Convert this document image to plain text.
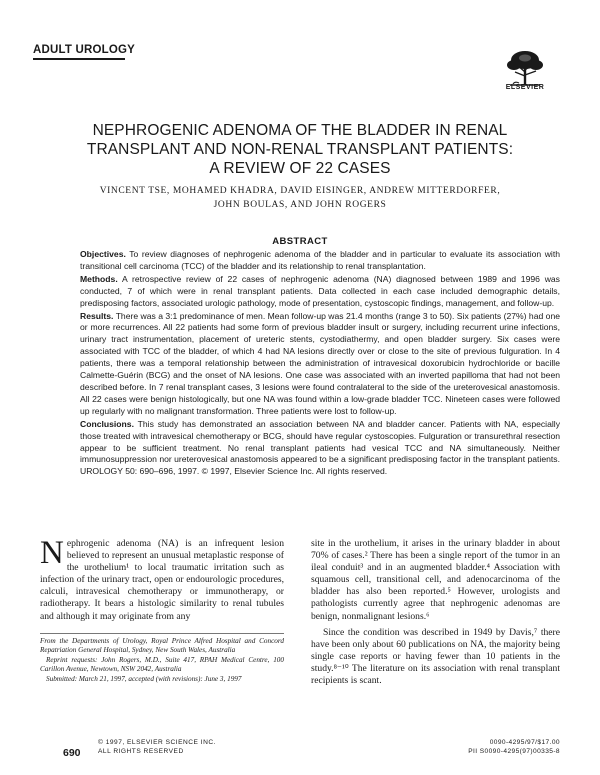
ADULT UROLOGY
ELSEVIER
NEPHROGENIC ADENOMA OF THE BLADDER IN RENAL
TRANSPLANT AND NON-RENAL TRANSPLANT PATIENTS:
A REVIEW OF 22 CASES
VINCENT TSE, MOHAMED KHADRA, DAVID EISINGER, ANDREW MITTERDORFER,
JOHN BOULAS, AND JOHN ROGERS
ABSTRACT

Objectives. To review diagnoses of nephrogenic adenoma of the bladder and in particular to evaluate its association with transitional cell carcinoma (TCC) of the bladder and its relationship to renal transplantation.

Methods. A retrospective review of 22 cases of nephrogenic adenoma (NA) diagnosed between 1989 and 1996 was conducted, 7 of which were in renal transplant patients. Data collected in each case included demographic details, predisposing factors, associated urologic pathology, mode of presentation, cystoscopic findings, management, and follow-up.

Results. There was a 3:1 predominance of men. Mean follow-up was 21.4 months (range 3 to 50). Six patients (27%) had one or more recurrences. All 22 patients had some form of previous bladder insult or surgery, including recurrent urine infections, urinary tract instrumentation, placement of ureteric stents, cystodiathermy, and open bladder surgery. Six cases were associated with TCC of the bladder, of which 4 had NA lesions directly over or close to the site of previous fulguration. In 4 patients, there was a temporal relationship between the administration of intravesical doxorubicin hydrochloride or bacille Calmette-Guérin (BCG) and the onset of NA lesions. One case was associated with an inverted papilloma that had not been described before. In 7 renal transplant cases, 3 lesions were found contralateral to the side of the ureterovesical anastomosis. All 22 cases were benign histologically, but one NA was found within a low-grade bladder TCC. Nineteen cases were followed up regularly with no malignant transformation. Three patients were lost to follow-up.

Conclusions. This study has demonstrated an association between NA and bladder cancer. Patients with NA, especially those treated with intravesical chemotherapy or BCG, should have regular cystoscopies. Fulguration or transurethral resection appear to be sufficient treatment. No renal transplant patients had vesical TCC and NA simultaneously. Neither immunosuppression nor ureterovesical anastomosis appeared to be a significant predisposing factor in the transplant patients. UROLOGY 50: 690–696, 1997. © 1997, Elsevier Science Inc. All rights reserved.

Nephrogenic adenoma (NA) is an infrequent lesion believed to represent an unusual metaplastic response of the urothelium¹ to local traumatic irritation such as infection of the urinary tract, open or endourologic procedures, calculi, intravesical chemotherapy or immunotherapy, or radiotherapy. It bears a histologic similarity to renal tubules and although it may originate from any

From the Departments of Urology, Royal Prince Alfred Hospital and Concord Repatriation General Hospital, Sydney, New South Wales, Australia

Reprint requests: John Rogers, M.D., Suite 417, RPAH Medical Centre, 100 Carillon Avenue, Newtown, NSW 2042, Australia

Submitted: March 21, 1997, accepted (with revisions): June 3, 1997

site in the urothelium, it arises in the urinary bladder in about 70% of cases.² There has been a single report of the tumor in an ileal conduit³ and in an augmented bladder.⁴ Association with squamous cell, transitional cell, and adenocarcinoma of the bladder has also been reported.⁵ However, urologists and pathologists currently agree that nephrogenic adenomas are benign, nonmalignant lesions.⁶

Since the condition was described in 1949 by Davis,⁷ there have been only about 60 publications on NA, the majority being single case reports or having fewer than 10 patients in the study.⁸⁻¹⁰ The literature on its association with renal transplant recipients is scant.

690
© 1997, ELSEVIER SCIENCE INC.
ALL RIGHTS RESERVED
0090-4295/97/$17.00
PII S0090-4295(97)00335-8
